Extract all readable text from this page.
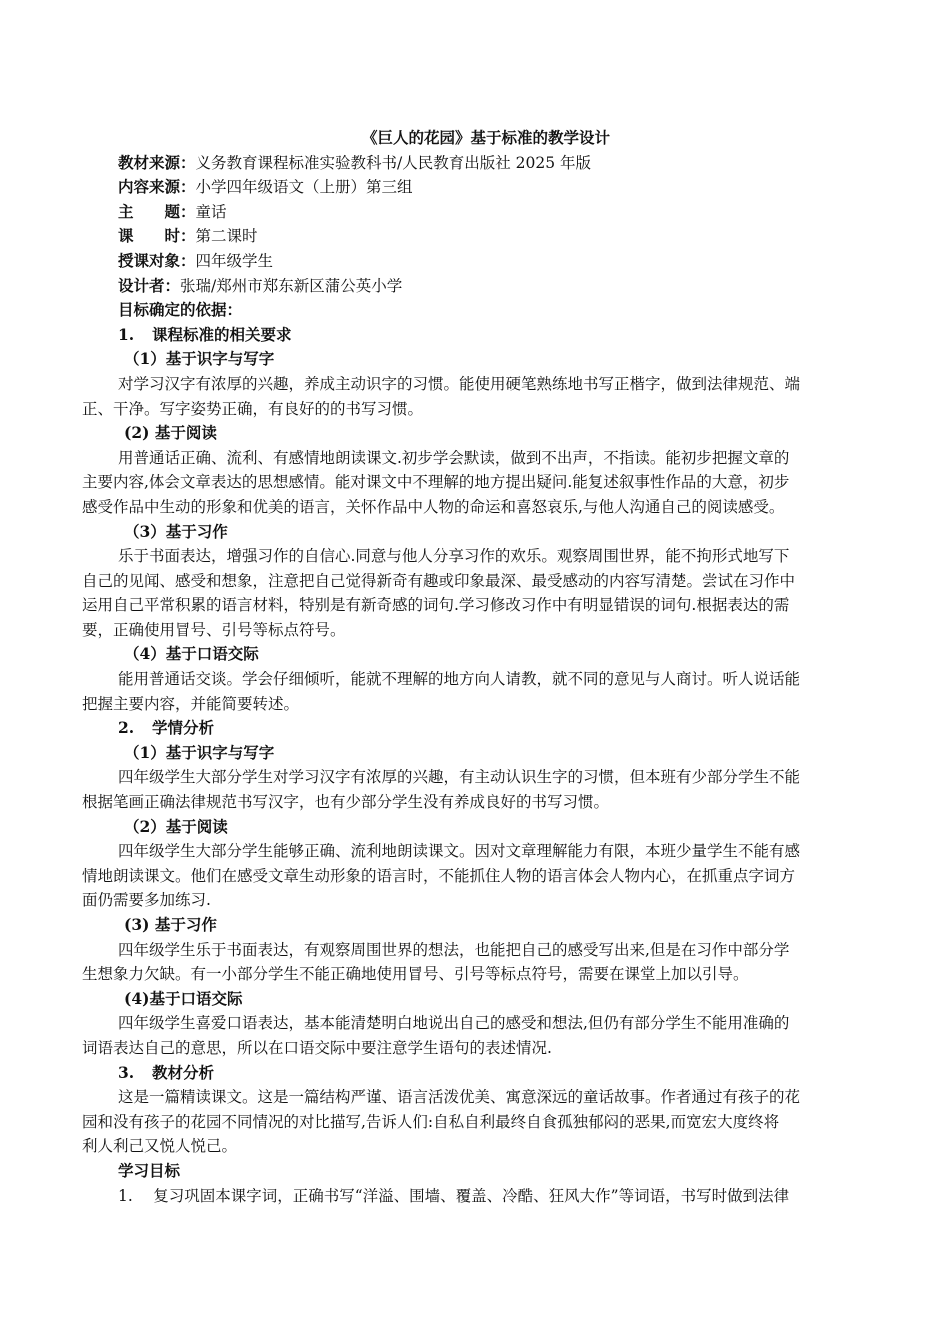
《巨人的花园》基于标准的教学设计
教材来源：义务教育课程标准实验教科书/人民教育出版社 2025 年版
内容来源：小学四年级语文（上册）第三组
主　　题：童话
课　　时：第二课时
授课对象：四年级学生
设计者：张瑞/郑州市郑东新区蒲公英小学
目标确定的依据：
1. 课程标准的相关要求
（1）基于识字与写字
对学习汉字有浓厚的兴趣，养成主动识字的习惯。能使用硬笔熟练地书写正楷字，做到法律规范、端
正、干净。写字姿势正确，有良好的的书写习惯。
(2) 基于阅读
用普通话正确、流利、有感情地朗读课文.初步学会默读，做到不出声，不指读。能初步把握文章的
主要内容,体会文章表达的思想感情。能对课文中不理解的地方提出疑问.能复述叙事性作品的大意，初步
感受作品中生动的形象和优美的语言，关怀作品中人物的命运和喜怒哀乐,与他人沟通自己的阅读感受。
（3）基于习作
乐于书面表达，增强习作的自信心.同意与他人分享习作的欢乐。观察周围世界，能不拘形式地写下
自己的见闻、感受和想象，注意把自己觉得新奇有趣或印象最深、最受感动的内容写清楚。尝试在习作中
运用自己平常积累的语言材料，特别是有新奇感的词句.学习修改习作中有明显错误的词句.根据表达的需
要，正确使用冒号、引号等标点符号。
（4）基于口语交际
能用普通话交谈。学会仔细倾听，能就不理解的地方向人请教，就不同的意见与人商讨。听人说话能
把握主要内容，并能简要转述。
2. 学情分析
（1）基于识字与写字
四年级学生大部分学生对学习汉字有浓厚的兴趣，有主动认识生字的习惯，但本班有少部分学生不能
根据笔画正确法律规范书写汉字，也有少部分学生没有养成良好的书写习惯。
（2）基于阅读
四年级学生大部分学生能够正确、流利地朗读课文。因对文章理解能力有限，本班少量学生不能有感
情地朗读课文。他们在感受文章生动形象的语言时，不能抓住人物的语言体会人物内心，在抓重点字词方
面仍需要多加练习.
(3) 基于习作
四年级学生乐于书面表达，有观察周围世界的想法，也能把自己的感受写出来,但是在习作中部分学
生想象力欠缺。有一小部分学生不能正确地使用冒号、引号等标点符号，需要在课堂上加以引导。
(4)基于口语交际
四年级学生喜爱口语表达，基本能清楚明白地说出自己的感受和想法,但仍有部分学生不能用准确的
词语表达自己的意思，所以在口语交际中要注意学生语句的表述情况.
3. 教材分析
这是一篇精读课文。这是一篇结构严谨、语言活泼优美、寓意深远的童话故事。作者通过有孩子的花
园和没有孩子的花园不同情况的对比描写,告诉人们:自私自利最终自食孤独郁闷的恶果,而宽宏大度终将
利人利己又悦人悦己。
学习目标
1.　 复习巩固本课字词，正确书写“洋溢、围墙、覆盖、冷酷、狂风大作”等词语，书写时做到法律
